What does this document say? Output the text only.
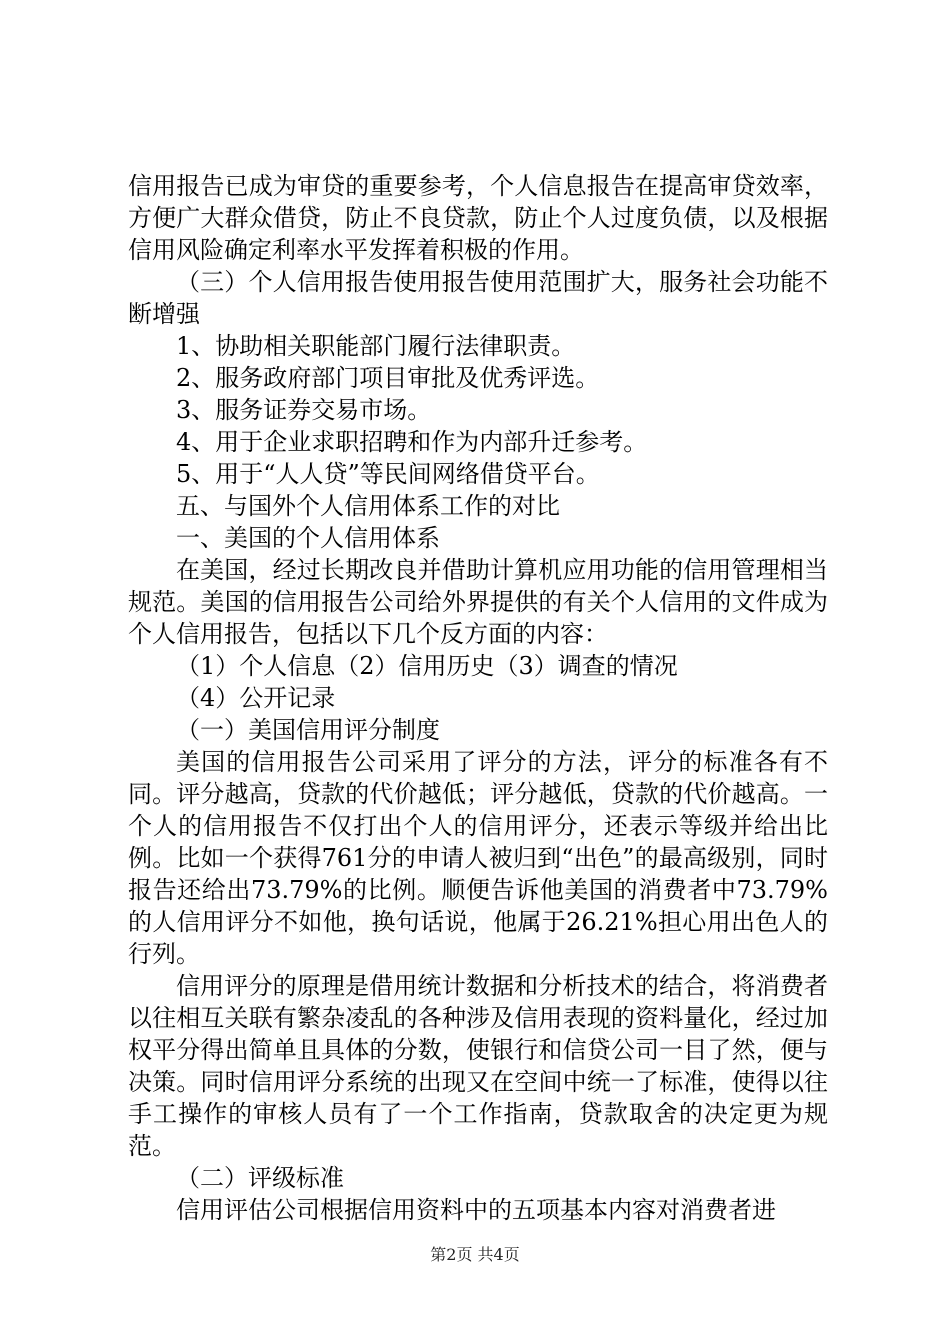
信用报告已成为审贷的重要参考，个人信息报告在提高审贷效率，方便广大群众借贷，防止不良贷款，防止个人过度负债，以及根据信用风险确定利率水平发挥着积极的作用。

（三）个人信用报告使用报告使用范围扩大，服务社会功能不断增强

1、协助相关职能部门履行法律职责。

2、服务政府部门项目审批及优秀评选。

3、服务证券交易市场。

4、用于企业求职招聘和作为内部升迁参考。

5、用于“人人贷”等民间网络借贷平台。

五、与国外个人信用体系工作的对比

一、美国的个人信用体系

在美国，经过长期改良并借助计算机应用功能的信用管理相当规范。美国的信用报告公司给外界提供的有关个人信用的文件成为个人信用报告，包括以下几个反方面的内容：

（1）个人信息（2）信用历史（3）调查的情况

（4）公开记录

（一）美国信用评分制度

美国的信用报告公司采用了评分的方法，评分的标准各有不同。评分越高，贷款的代价越低；评分越低，贷款的代价越高。一个人的信用报告不仅打出个人的信用评分，还表示等级并给出比例。比如一个获得761分的申请人被归到“出色”的最高级别，同时报告还给出73.79%的比例。顺便告诉他美国的消费者中73.79%的人信用评分不如他，换句话说，他属于26.21%担心用出色人的行列。

信用评分的原理是借用统计数据和分析技术的结合，将消费者以往相互关联有繁杂凌乱的各种涉及信用表现的资料量化，经过加权平分得出简单且具体的分数，使银行和信贷公司一目了然，便与决策。同时信用评分系统的出现又在空间中统一了标准，使得以往手工操作的审核人员有了一个工作指南，贷款取舍的决定更为规范。

（二）评级标准

信用评估公司根据信用资料中的五项基本内容对消费者进

第2页 共4页
